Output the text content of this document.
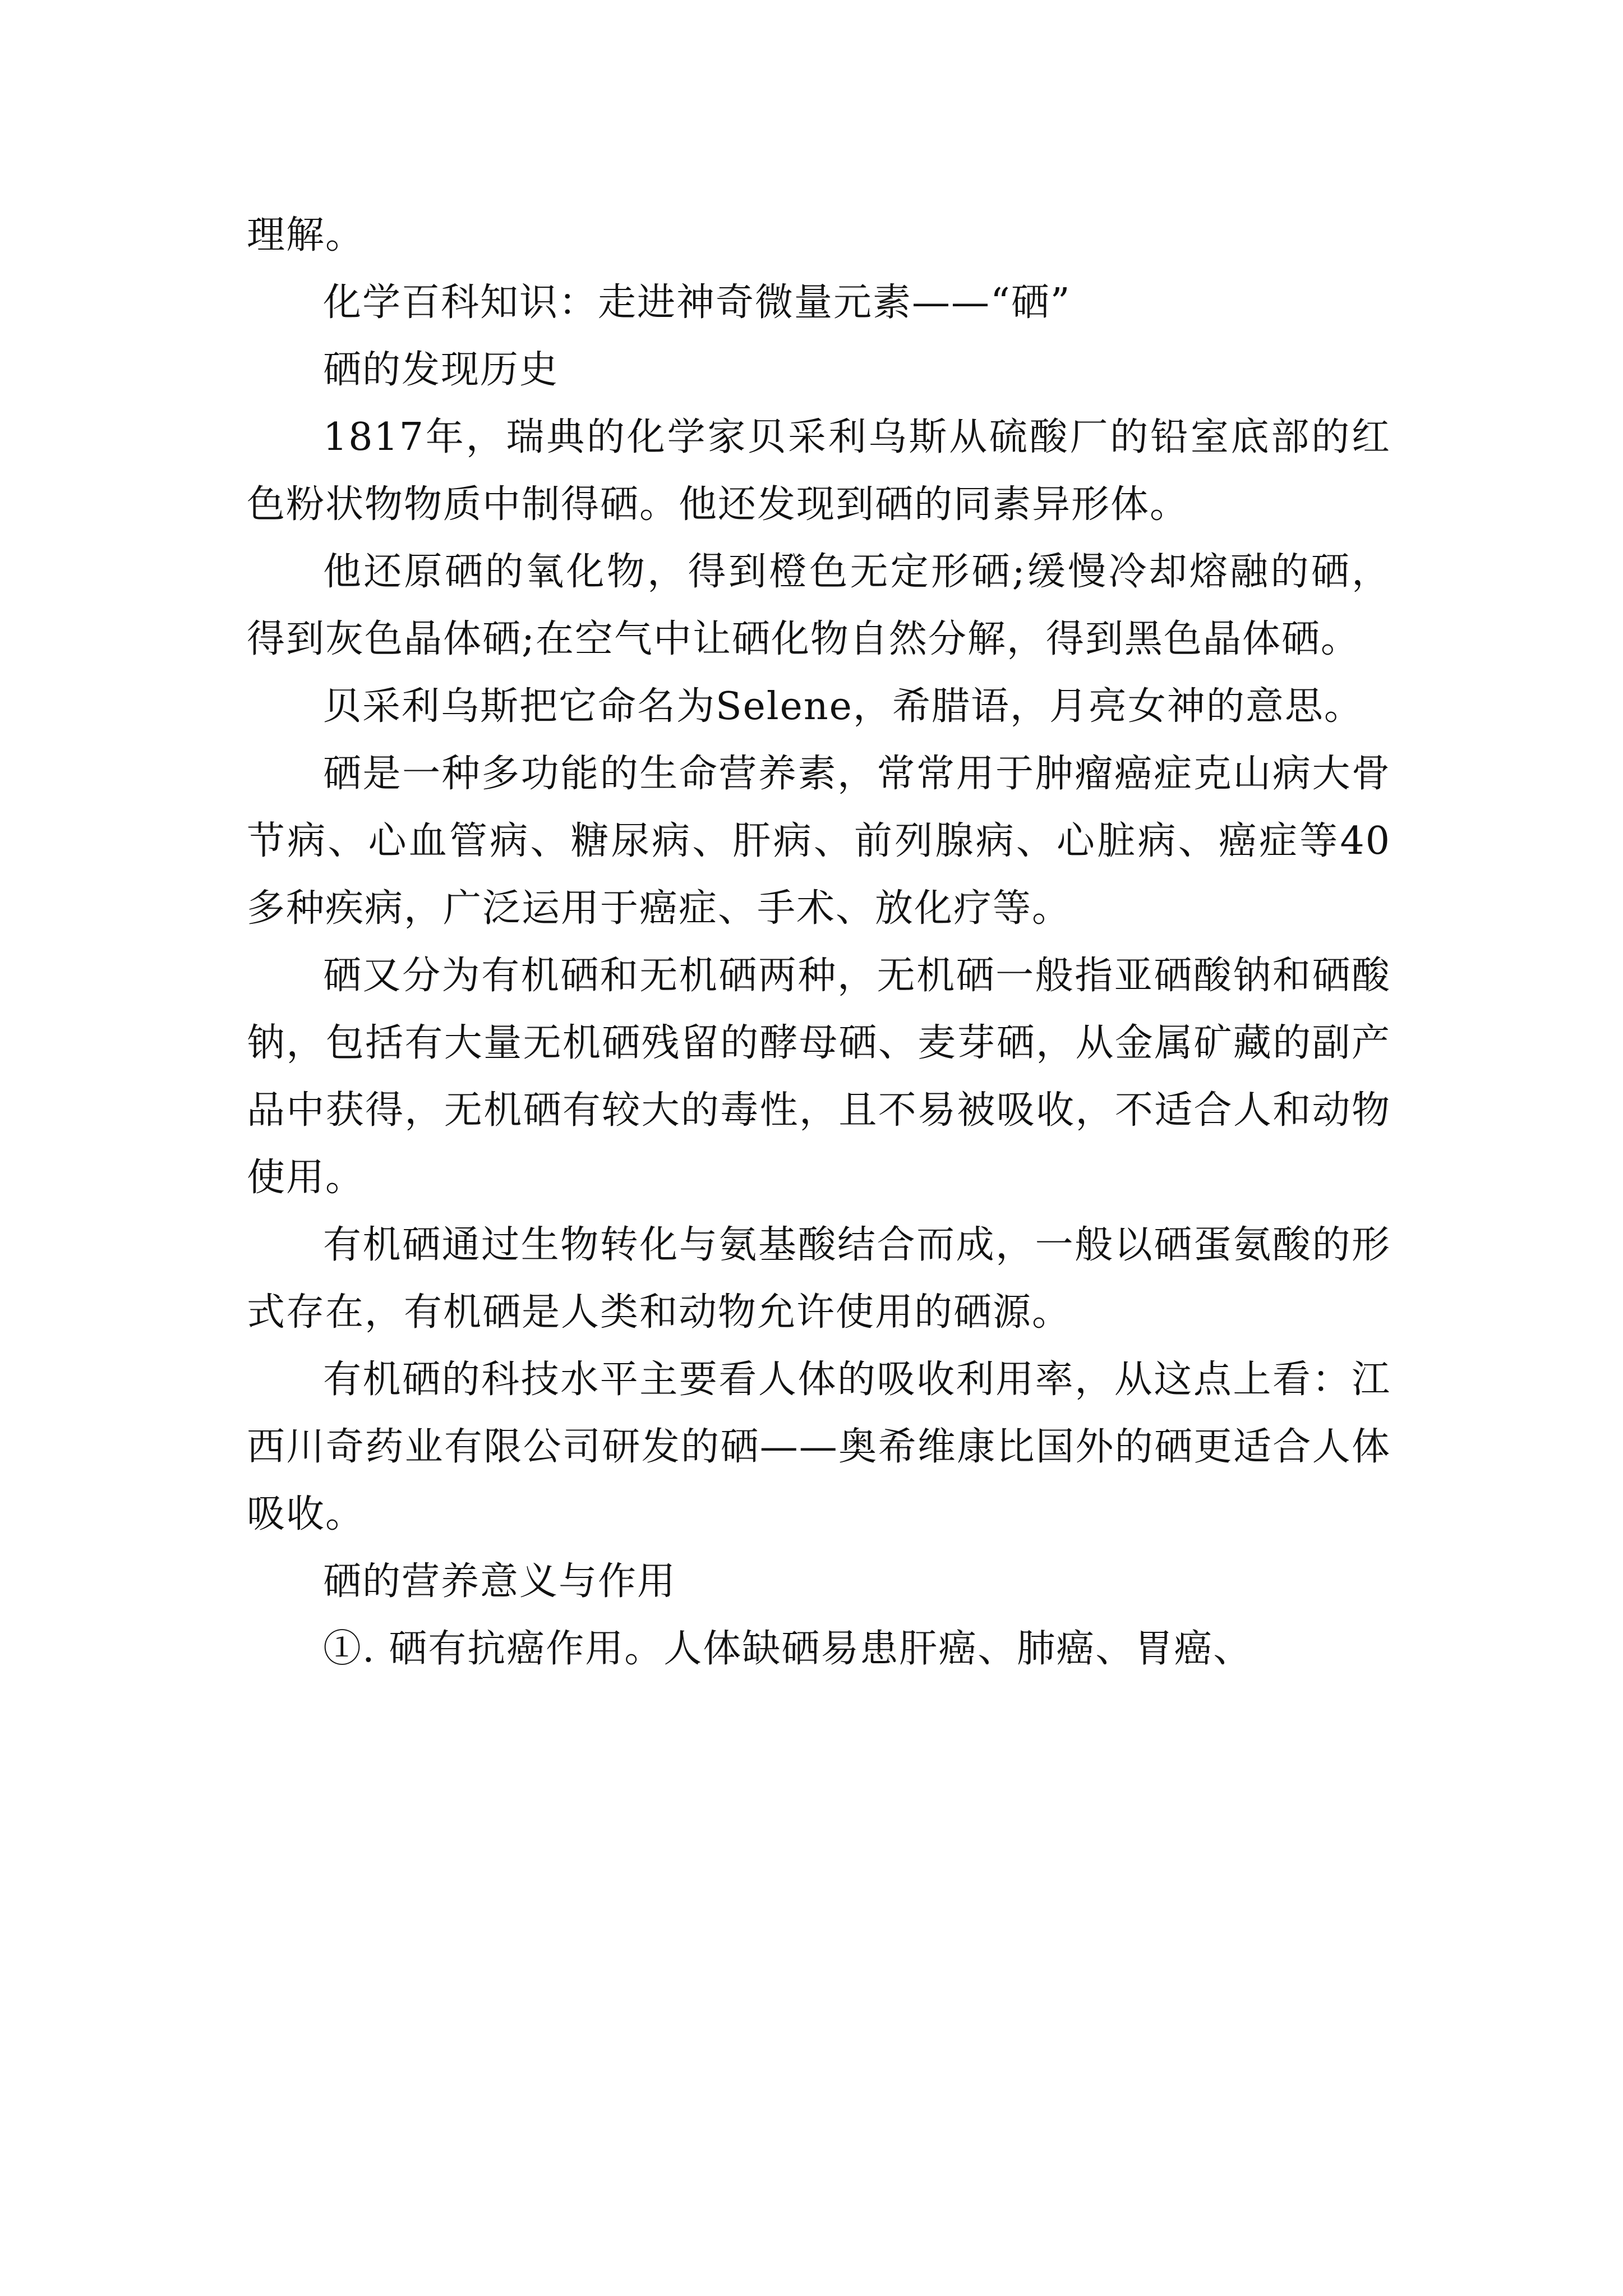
理解。

化学百科知识：走进神奇微量元素——“硒”

硒的发现历史

1817年，瑞典的化学家贝采利乌斯从硫酸厂的铅室底部的红色粉状物物质中制得硒。他还发现到硒的同素异形体。

他还原硒的氧化物，得到橙色无定形硒;缓慢冷却熔融的硒，得到灰色晶体硒;在空气中让硒化物自然分解，得到黑色晶体硒。

贝采利乌斯把它命名为Selene，希腊语，月亮女神的意思。

硒是一种多功能的生命营养素，常常用于肿瘤癌症克山病大骨节病、心血管病、糖尿病、肝病、前列腺病、心脏病、癌症等40多种疾病，广泛运用于癌症、手术、放化疗等。

硒又分为有机硒和无机硒两种，无机硒一般指亚硒酸钠和硒酸钠，包括有大量无机硒残留的酵母硒、麦芽硒，从金属矿藏的副产品中获得，无机硒有较大的毒性，且不易被吸收，不适合人和动物使用。

有机硒通过生物转化与氨基酸结合而成，一般以硒蛋氨酸的形式存在，有机硒是人类和动物允许使用的硒源。

有机硒的科技水平主要看人体的吸收利用率，从这点上看：江西川奇药业有限公司研发的硒——奥希维康比国外的硒更适合人体吸收。

硒的营养意义与作用

①. 硒有抗癌作用。人体缺硒易患肝癌、肺癌、胃癌、
